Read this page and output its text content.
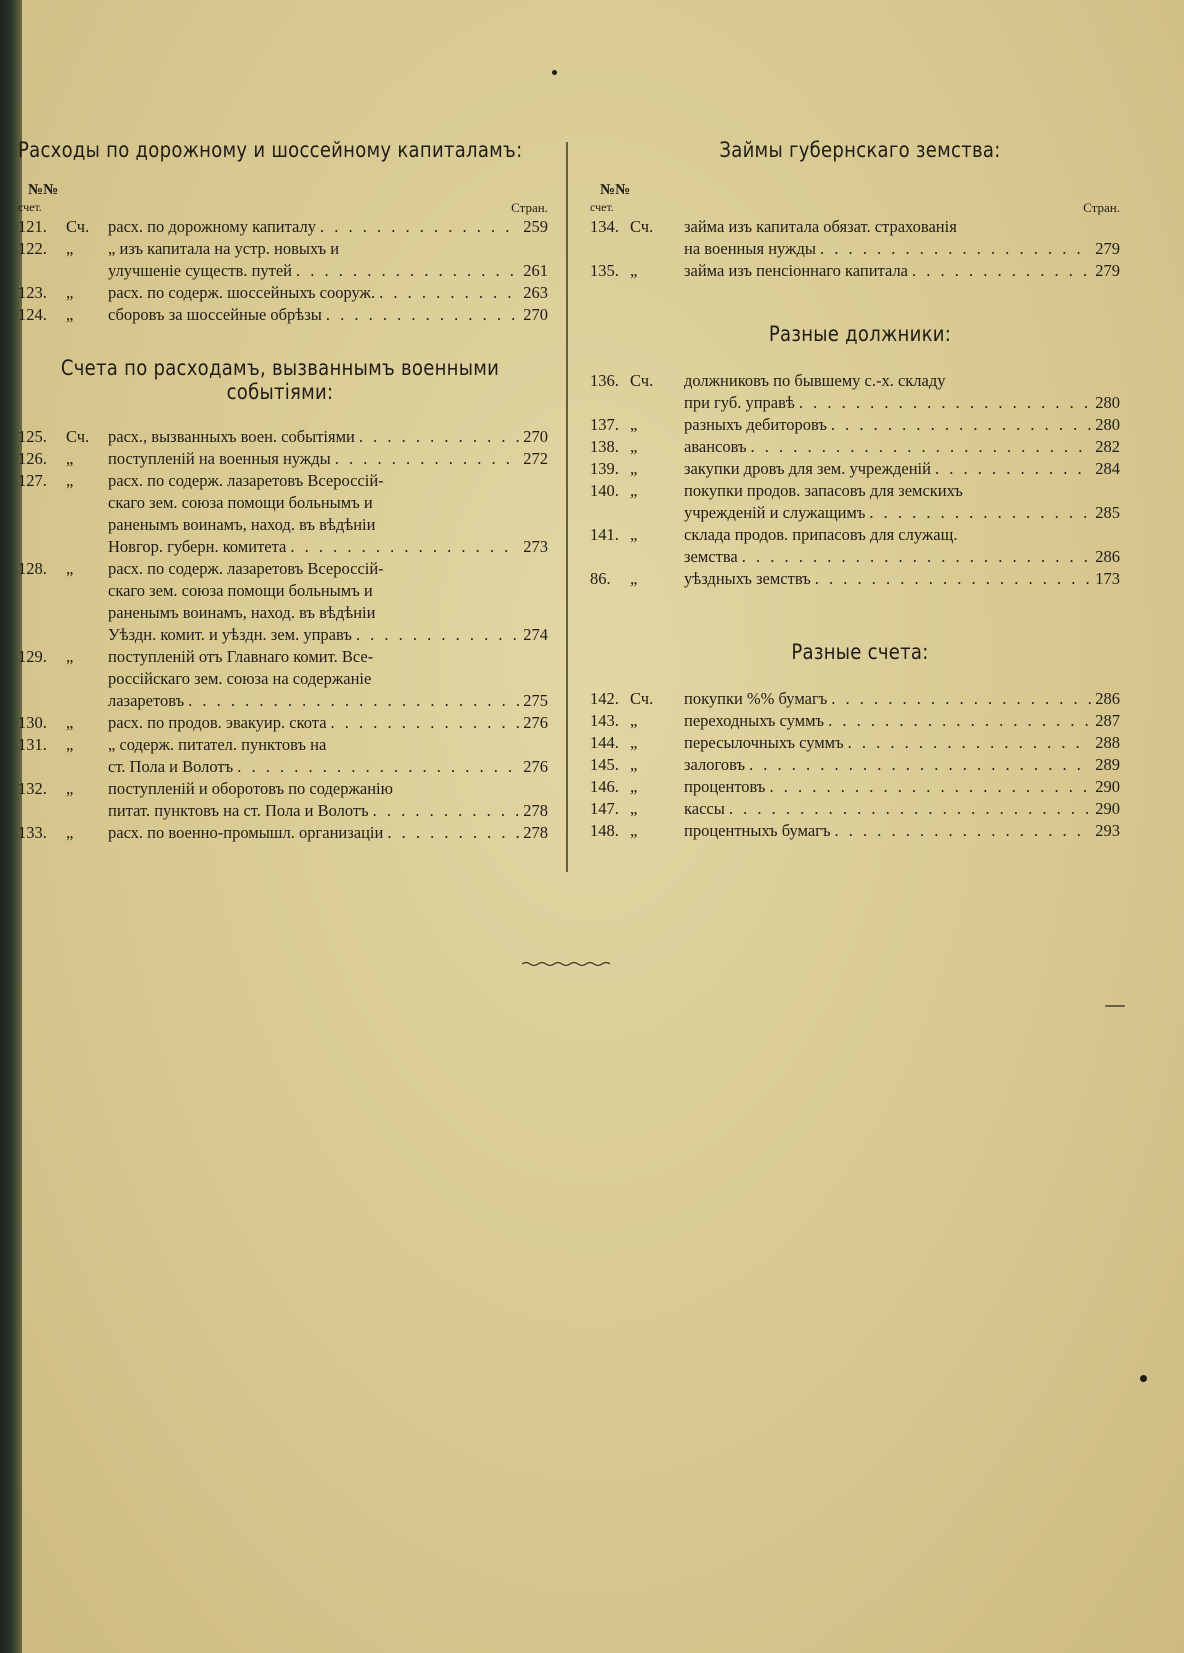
Расходы по дорожному и шоссейному капиталамъ:
№№
счет.	Стран.
121. Сч. расх. по дорожному капиталу . . .	259
122. „ „ изъ капитала на устр. новыхъ и
улучшеніе существ. путей . . .	261
123. „ расх. по содерж. шоссейныхъ сооруж. . . .	263
124. „ сборовъ за шоссейные обрѣзы . . .	270
Счета по расходамъ, вызваннымъ военными
событіями:
125. Сч. расх., вызванныхъ воен. событіями . . .	270
126. „ поступленій на военныя нужды . . .	272
127. „ расх. по содерж. лазаретовъ Всероссій-
скаго зем. союза помощи больнымъ и
раненымъ воинамъ, наход. въ вѣдѣніи
Новгор. губерн. комитета . . .	273
128. „ расх. по содерж. лазаретовъ Всероссій-
скаго зем. союза помощи больнымъ и
раненымъ воинамъ, наход. въ вѣдѣніи
Уѣздн. комит. и уѣздн. зем. управъ . . .	274
129. „ поступленій отъ Главнаго комит. Все-
россійскаго зем. союза на содержаніе
лазаретовъ . . .	275
130. „ расх. по продов. эвакуир. скота . . .	276
131. „ „ содерж. питател. пунктовъ на
ст. Пола и Волотъ . . .	276
132. „ поступленій и оборотовъ по содержанію
питат. пунктовъ на ст. Пола и Волотъ . . .	278
133. „ расх. по военно-промышл. организаціи . . .	278
Займы губернскаго земства:
№№
счет.	Стран.
134. Сч. займа изъ капитала обязат. страхованія
на военныя нужды . . .	279
135. „	займа изъ пенсіоннаго капитала . . .	279
Разные должники:
136. Сч. должниковъ по бывшему с.-х. складу
при губ. управѣ . . .	280
137. „	разныхъ дебиторовъ . . .	280
138. „	авансовъ . . .	282
139. „	закупки дровъ для зем. учрежденій . . .	284
140. „	покупки продов. запасовъ для земскихъ
учрежденій и служащимъ . . .	285
141. „	склада продов. припасовъ для служащ.
земства . . .	286
86. „	уѣздныхъ земствъ . . .	173
Разные счета:
142. Сч. покупки %% бумагъ . . .	286
143. „	переходныхъ суммъ . . .	287
144. „	пересылочныхъ суммъ . . .	288
145. „	залоговъ . . .	289
146. „	процентовъ . . .	290
147. „	кассы . . .	290
148. „	процентныхъ бумагъ . . .	293
